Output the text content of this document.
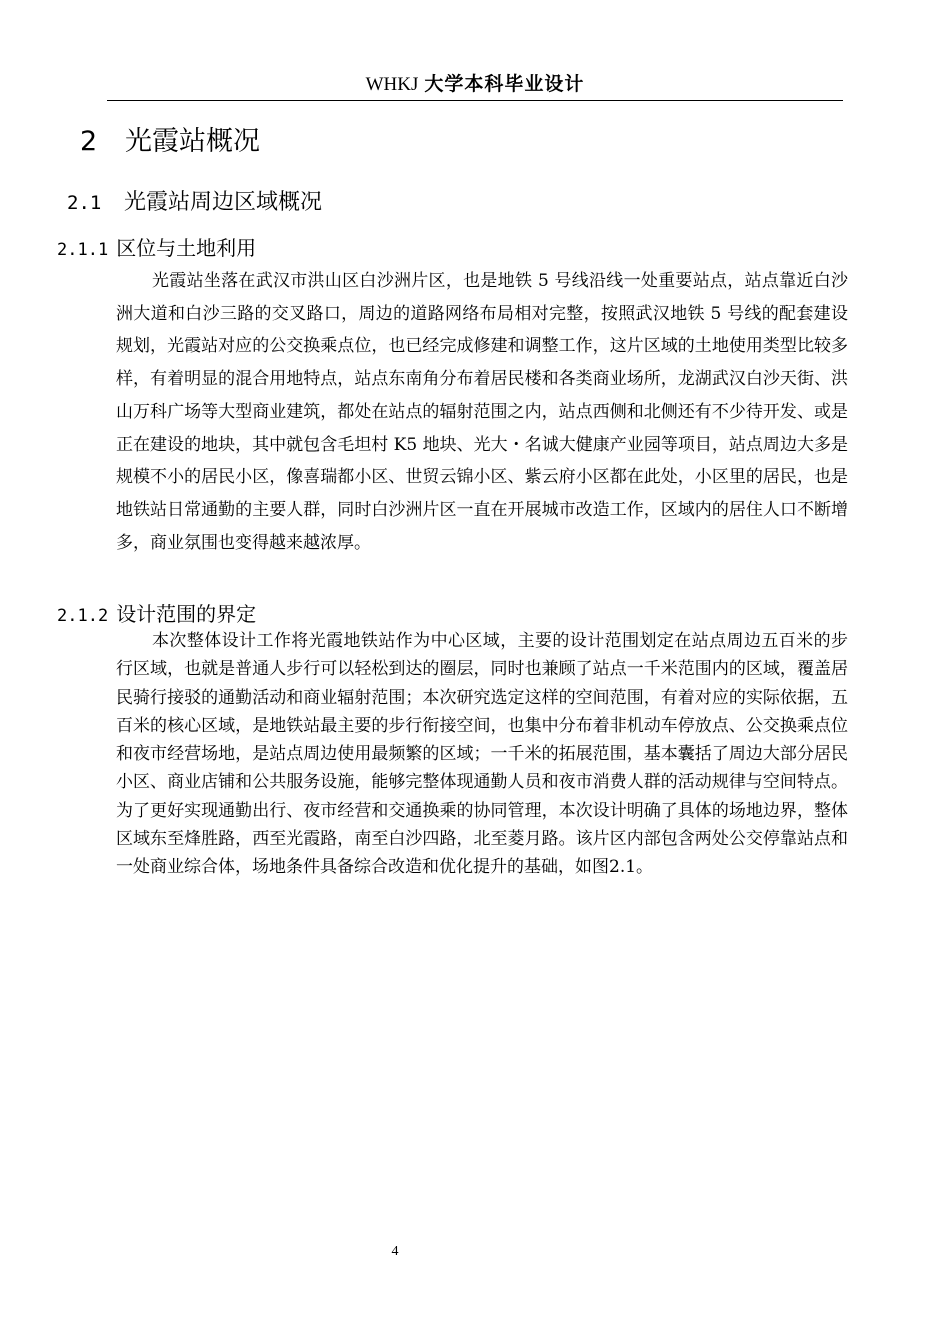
WHKJ 大学本科毕业设计
2 光霞站概况
2.1 光霞站周边区域概况
2.1.1 区位与土地利用

光霞站坐落在武汉市洪山区白沙洲片区，也是地铁 5 号线沿线一处重要站点，站点靠近白沙洲大道和白沙三路的交叉路口，周边的道路网络布局相对完整，按照武汉地铁 5 号线的配套建设规划，光霞站对应的公交换乘点位，也已经完成修建和调整工作，这片区域的土地使用类型比较多样，有着明显的混合用地特点，站点东南角分布着居民楼和各类商业场所，龙湖武汉白沙天街、洪山万科广场等大型商业建筑，都处在站点的辐射范围之内，站点西侧和北侧还有不少待开发、或是正在建设的地块，其中就包含毛坦村 K5 地块、光大・名诚大健康产业园等项目，站点周边大多是规模不小的居民小区，像喜瑞都小区、世贸云锦小区、紫云府小区都在此处，小区里的居民，也是地铁站日常通勤的主要人群，同时白沙洲片区一直在开展城市改造工作，区域内的居住人口不断增多，商业氛围也变得越来越浓厚。

2.1.2 设计范围的界定

本次整体设计工作将光霞地铁站作为中心区域，主要的设计范围划定在站点周边五百米的步行区域，也就是普通人步行可以轻松到达的圈层，同时也兼顾了站点一千米范围内的区域，覆盖居民骑行接驳的通勤活动和商业辐射范围；本次研究选定这样的空间范围，有着对应的实际依据，五百米的核心区域，是地铁站最主要的步行衔接空间，也集中分布着非机动车停放点、公交换乘点位和夜市经营场地，是站点周边使用最频繁的区域；一千米的拓展范围，基本囊括了周边大部分居民小区、商业店铺和公共服务设施，能够完整体现通勤人员和夜市消费人群的活动规律与空间特点。为了更好实现通勤出行、夜市经营和交通换乘的协同管理，本次设计明确了具体的场地边界，整体区域东至烽胜路，西至光霞路，南至白沙四路，北至菱月路。该片区内部包含两处公交停靠站点和一处商业综合体，场地条件具备综合改造和优化提升的基础，如图2.1。

4
